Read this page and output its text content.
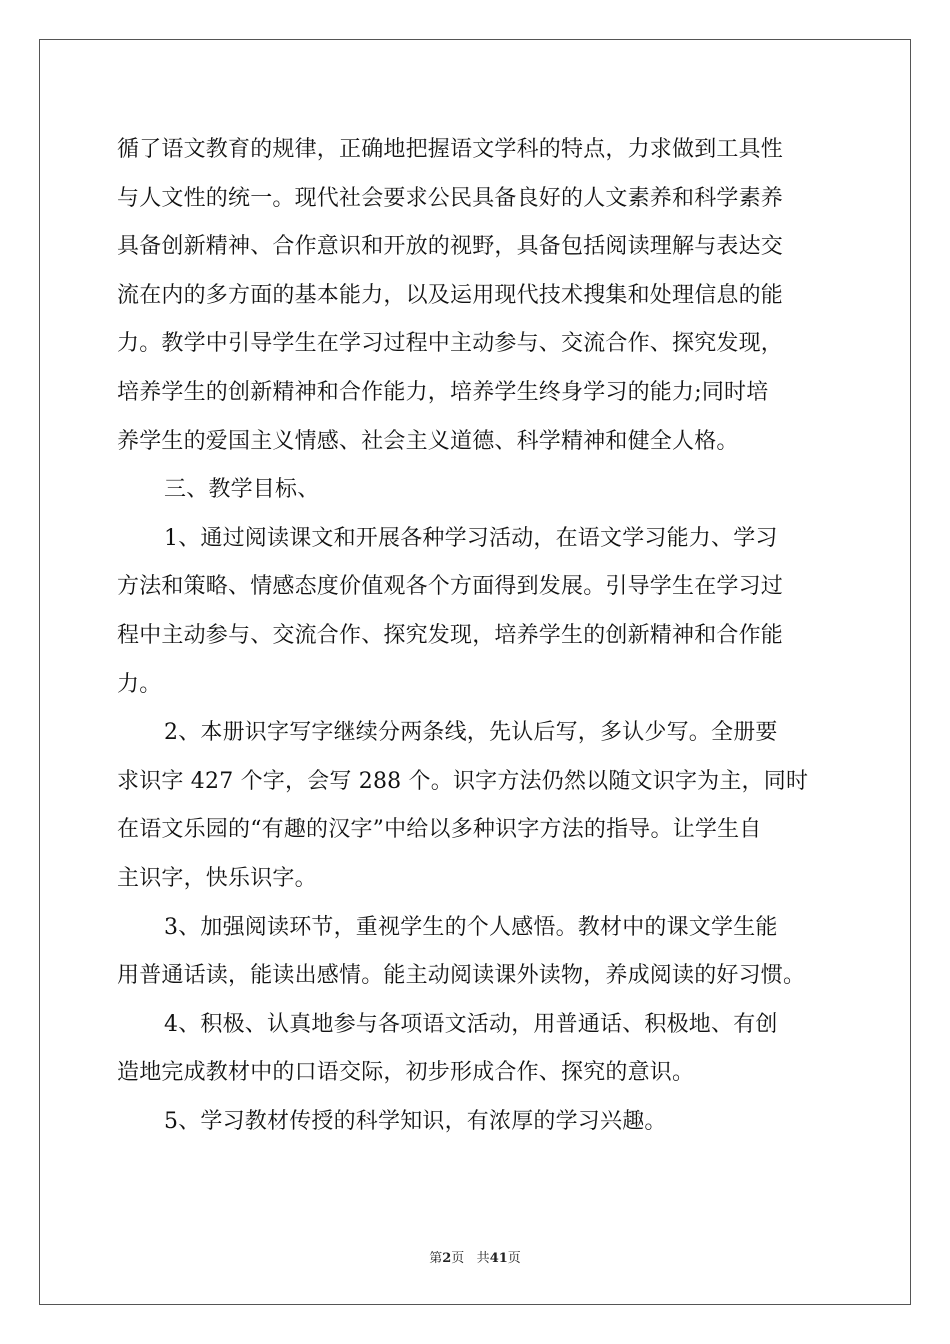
循了语文教育的规律，正确地把握语文学科的特点，力求做到工具性
与人文性的统一。现代社会要求公民具备良好的人文素养和科学素养
具备创新精神、合作意识和开放的视野，具备包括阅读理解与表达交
流在内的多方面的基本能力，以及运用现代技术搜集和处理信息的能
力。教学中引导学生在学习过程中主动参与、交流合作、探究发现，
培养学生的创新精神和合作能力，培养学生终身学习的能力;同时培
养学生的爱国主义情感、社会主义道德、科学精神和健全人格。
三、教学目标、
1、通过阅读课文和开展各种学习活动，在语文学习能力、学习
方法和策略、情感态度价值观各个方面得到发展。引导学生在学习过
程中主动参与、交流合作、探究发现，培养学生的创新精神和合作能
力。
2、本册识字写字继续分两条线，先认后写，多认少写。全册要
求识字 427 个字，会写 288 个。识字方法仍然以随文识字为主，同时
在语文乐园的“有趣的汉字”中给以多种识字方法的指导。让学生自
主识字，快乐识字。
3、加强阅读环节，重视学生的个人感悟。教材中的课文学生能
用普通话读，能读出感情。能主动阅读课外读物，养成阅读的好习惯。
4、积极、认真地参与各项语文活动，用普通话、积极地、有创
造地完成教材中的口语交际，初步形成合作、探究的意识。
5、学习教材传授的科学知识，有浓厚的学习兴趣。
第2页 共41页
